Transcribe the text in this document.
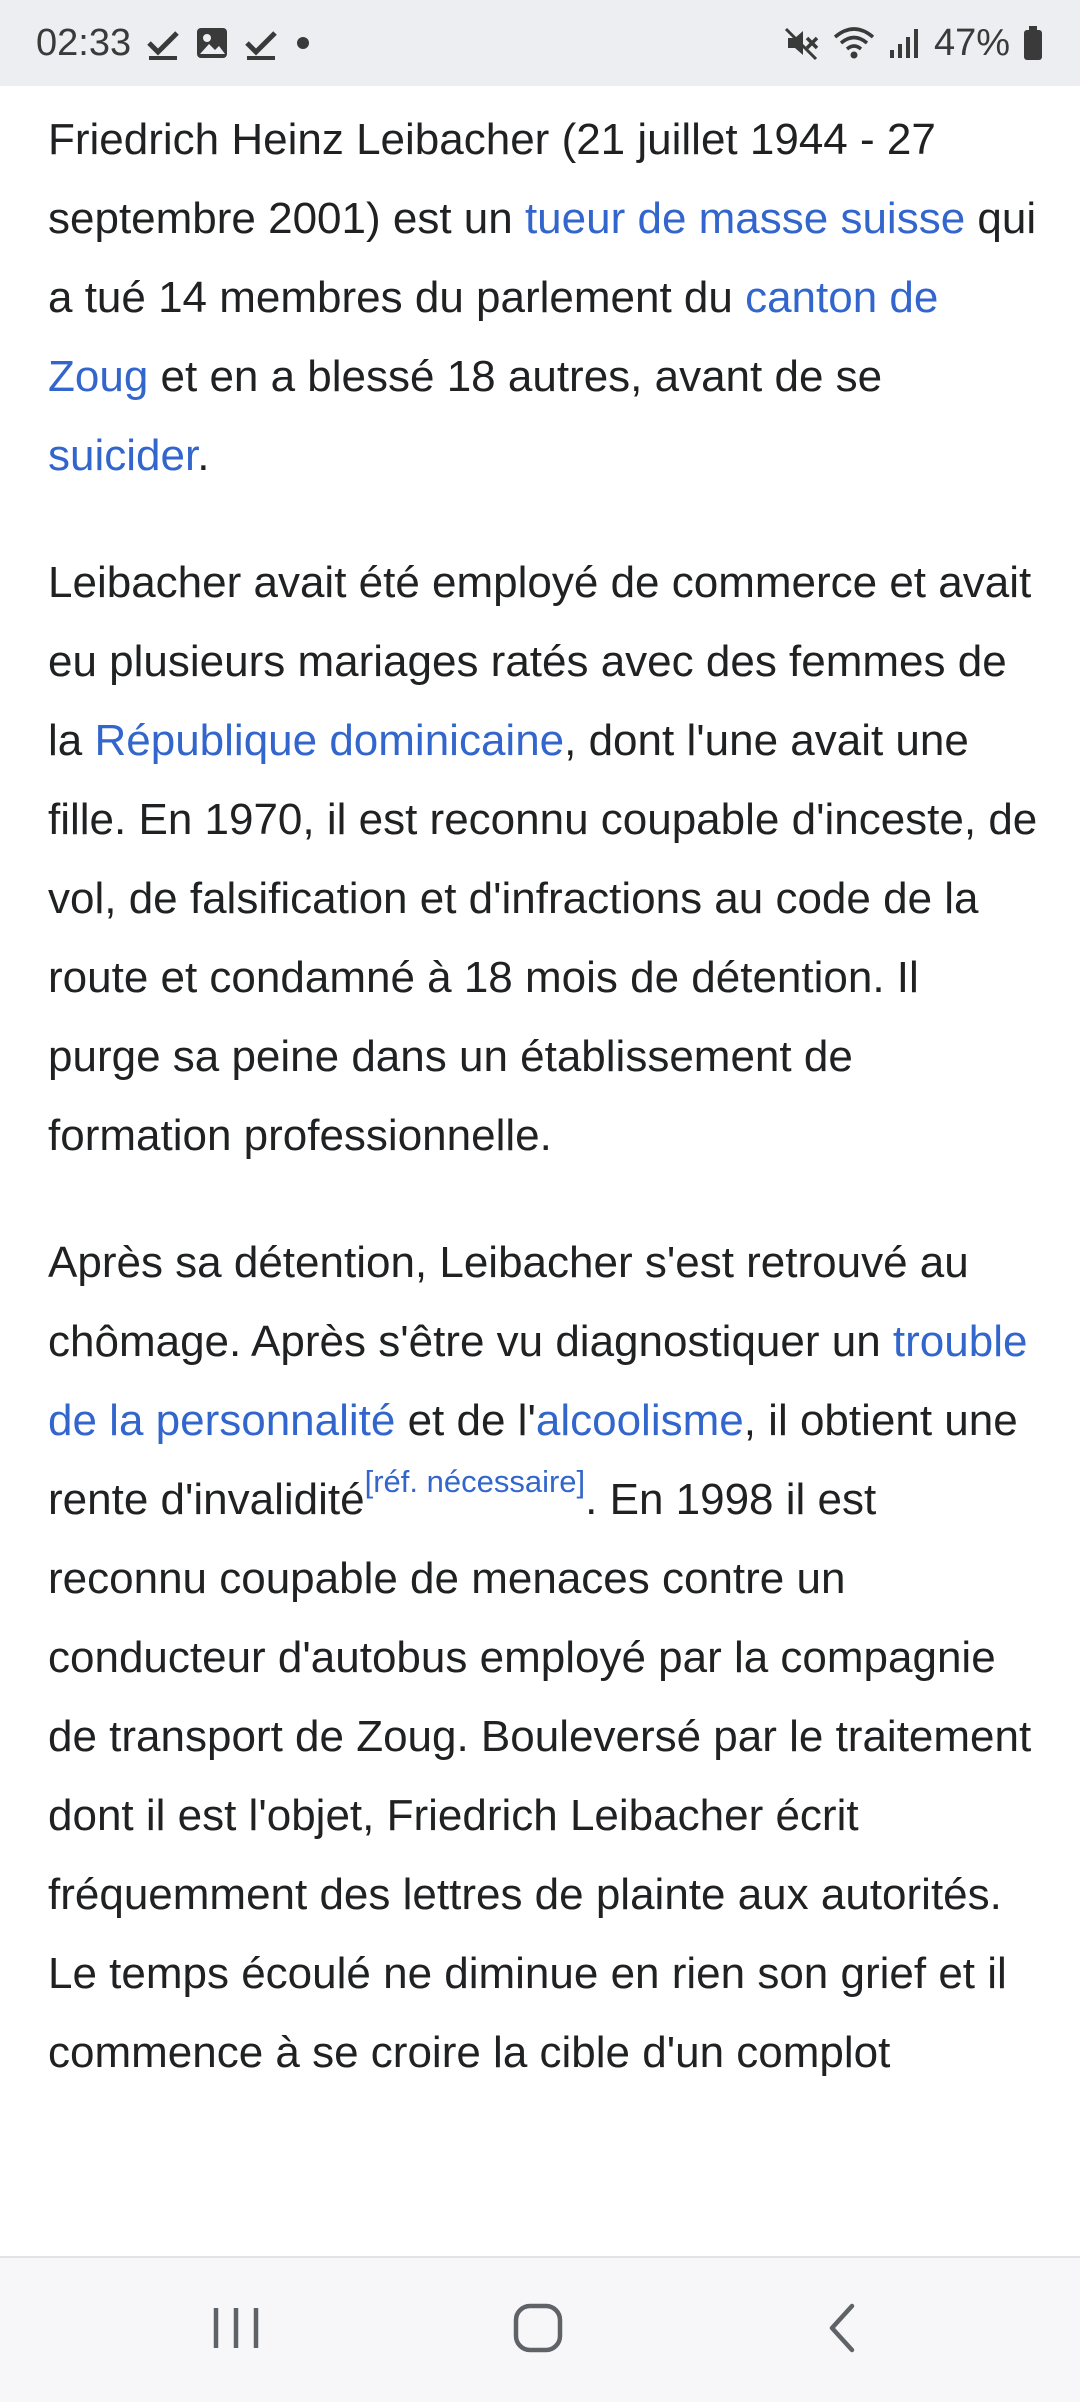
02:33	47%

Friedrich Heinz Leibacher (21 juillet 1944 - 27 septembre 2001) est un tueur de masse suisse qui a tué 14 membres du parlement du canton de Zoug et en a blessé 18 autres, avant de se suicider.

Leibacher avait été employé de commerce et avait eu plusieurs mariages ratés avec des femmes de la République dominicaine, dont l'une avait une fille. En 1970, il est reconnu coupable d'inceste, de vol, de falsification et d'infractions au code de la route et condamné à 18 mois de détention. Il purge sa peine dans un établissement de formation professionnelle.

Après sa détention, Leibacher s'est retrouvé au chômage. Après s'être vu diagnostiquer un trouble de la personnalité et de l'alcoolisme, il obtient une rente d'invalidité[réf. nécessaire]. En 1998 il est reconnu coupable de menaces contre un conducteur d'autobus employé par la compagnie de transport de Zoug. Bouleversé par le traitement dont il est l'objet, Friedrich Leibacher écrit fréquemment des lettres de plainte aux autorités. Le temps écoulé ne diminue en rien son grief et il commence à se croire la cible d'un complot
